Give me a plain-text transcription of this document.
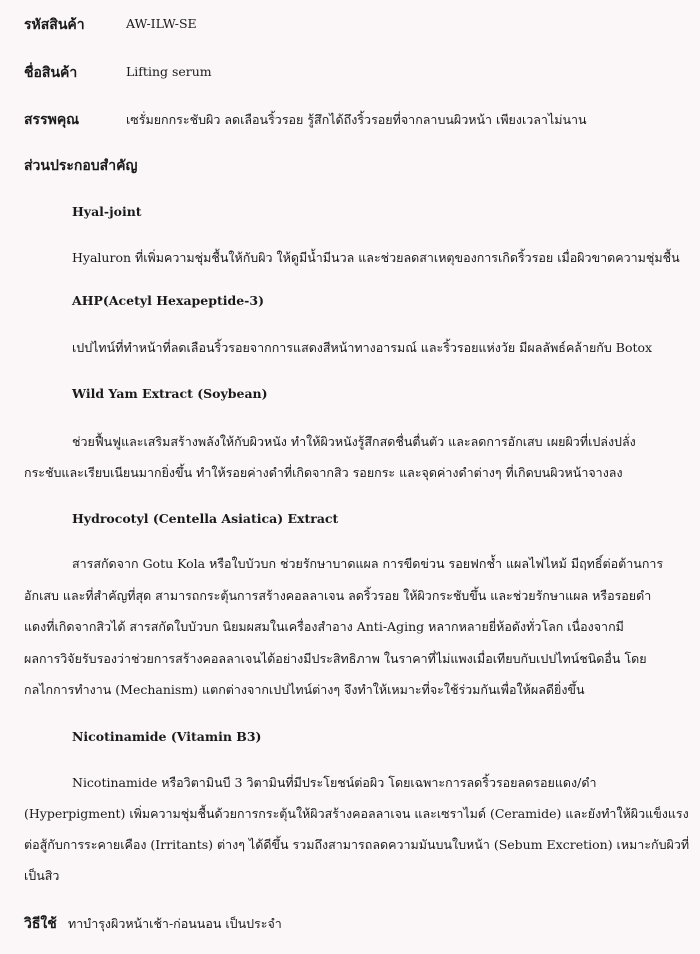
รหัสสินค้า	AW-ILW-SE
ชื่อสินค้า	Lifting serum
สรรพคุณ	เซรั่มยกกระชับผิว ลดเลือนริ้วรอย รู้สึกได้ถึงริ้วรอยที่จากลาบนผิวหน้า เพียงเวลาไม่นาน
ส่วนประกอบสำคัญ
Hyal-joint
Hyaluron ที่เพิ่มความชุ่มชื้นให้กับผิว ให้ดูมีน้ำมีนวล และช่วยลดสาเหตุของการเกิดริ้วรอย เมื่อผิวขาดความชุ่มชื้น
AHP(Acetyl Hexapeptide-3)
เปปไทน์ที่ทำหน้าที่ลดเลือนริ้วรอยจากการแสดงสีหน้าทางอารมณ์ และริ้วรอยแห่งวัย มีผลลัพธ์คล้ายกับ Botox
Wild Yam Extract (Soybean)
ช่วยฟื้นฟูและเสริมสร้างพลังให้กับผิวหนัง ทำให้ผิวหนังรู้สึกสดชื่นตื่นตัว และลดการอักเสบ เผยผิวที่เปล่งปลั่ง
กระชับและเรียบเนียนมากยิ่งขึ้น ทำให้รอยค่างดำที่เกิดจากสิว รอยกระ และจุดค่างดำต่างๆ ที่เกิดบนผิวหน้าจางลง
Hydrocotyl (Centella Asiatica) Extract
สารสกัดจาก Gotu Kola หรือใบบัวบก ช่วยรักษาบาดแผล การขีดข่วน รอยฟกช้ำ แผลไฟไหม้ มีฤทธิ์ต่อต้านการ
อักเสบ และที่สำคัญที่สุด สามารถกระตุ้นการสร้างคอลลาเจน ลดริ้วรอย ให้ผิวกระชับขึ้น และช่วยรักษาแผล หรือรอยดำ
แดงที่เกิดจากสิวได้ สารสกัดใบบัวบก นิยมผสมในเครื่องสำอาง Anti-Aging หลากหลายยี่ห้อดังทั่วโลก เนื่องจากมี
ผลการวิจัยรับรองว่าช่วยการสร้างคอลลาเจนได้อย่างมีประสิทธิภาพ ในราคาที่ไม่แพงเมื่อเทียบกับเปปไทน์ชนิดอื่น โดย
กลไกการทำงาน (Mechanism) แตกต่างจากเปปไทน์ต่างๆ จึงทำให้เหมาะที่จะใช้ร่วมกันเพื่อให้ผลดียิ่งขึ้น
Nicotinamide (Vitamin B3)
Nicotinamide หรือวิตามินบี 3 วิตามินที่มีประโยชน์ต่อผิว โดยเฉพาะการลดริ้วรอยลดรอยแดง/ดำ
(Hyperpigment) เพิ่มความชุ่มชื้นด้วยการกระตุ้นให้ผิวสร้างคอลลาเจน และเซราไมด์ (Ceramide) และยังทำให้ผิวแข็งแรง
ต่อสู้กับการระคายเคือง (Irritants) ต่างๆ ได้ดีขึ้น รวมถึงสามารถลดความมันบนใบหน้า (Sebum Excretion) เหมาะกับผิวที่
เป็นสิว
วิธีใช้ ทาบำรุงผิวหน้าเช้า-ก่อนนอน เป็นประจำ
